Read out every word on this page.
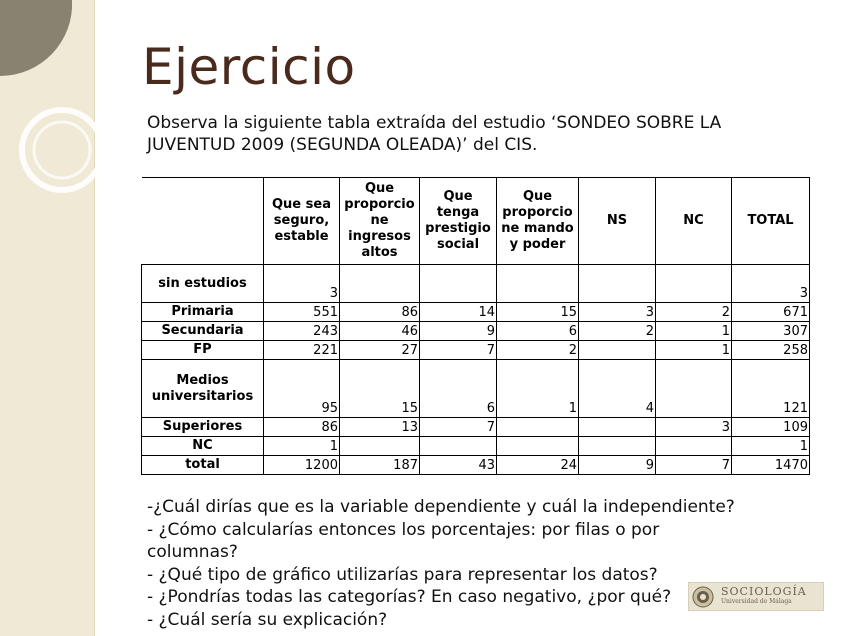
Ejercicio
Observa la siguiente tabla extraída del estudio ‘SONDEO SOBRE LA JUVENTUD 2009 (SEGUNDA OLEADA)’ del CIS.
	Que sea seguro, estable	Que proporcio ne ingresos altos	Que tenga prestigio social	Que proporcio ne mando y poder	NS	NC	TOTAL
sin estudios	3						3
Primaria	551	86	14	15	3	2	671
Secundaria	243	46	9	6	2	1	307
FP	221	27	7	2		1	258
Medios universitarios	95	15	6	1	4		121
Superiores	86	13	7			3	109
NC	1						1
total	1200	187	43	24	9	7	1470

-¿Cuál dirías que es la variable dependiente y cuál la independiente?

- ¿Cómo calcularías entonces los porcentajes: por filas o por columnas?

- ¿Qué tipo de gráfico utilizarías para representar los datos?

- ¿Pondrías todas las categorías? En caso negativo, ¿por qué?

- ¿Cuál sería su explicación?

SOCIOLOGÍA
Universidad de Málaga
